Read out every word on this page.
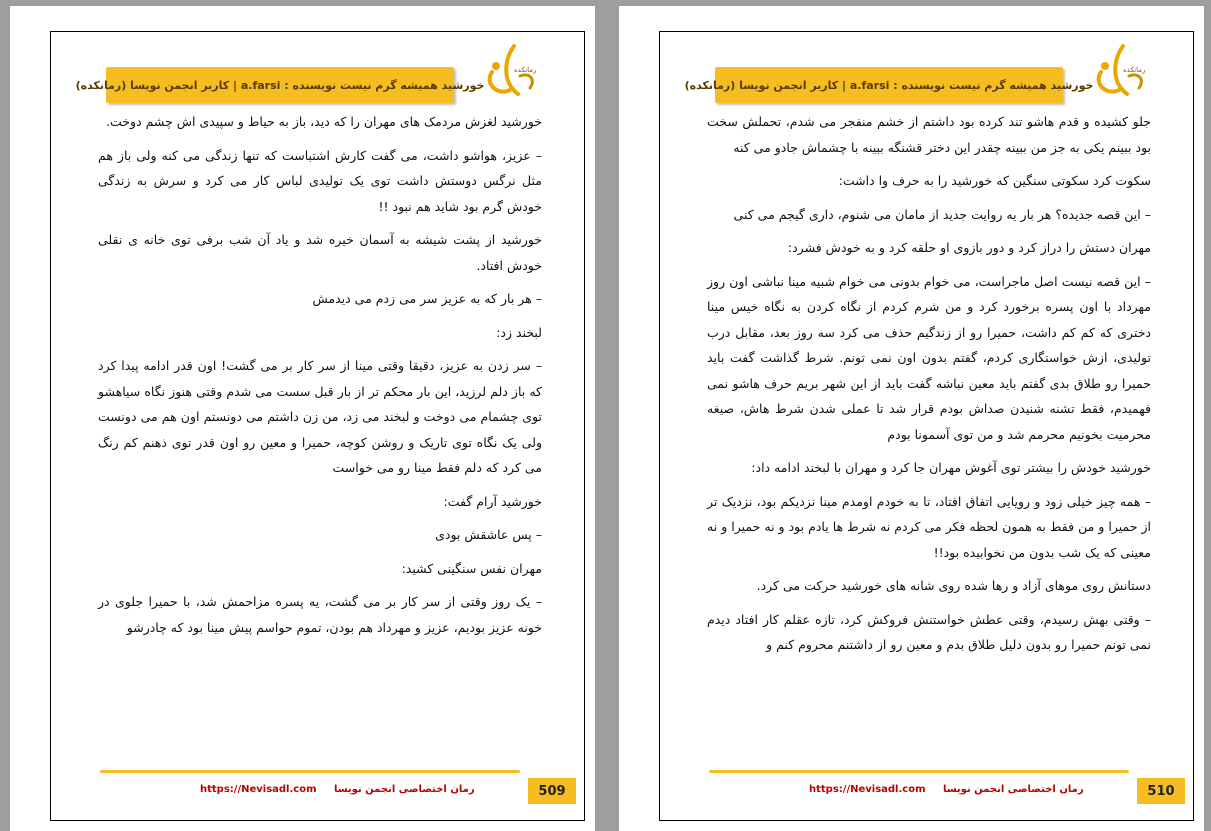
رمانکده
خورشید همیشه گرم نیست نویسنده : a.farsi | کاربر انجمن نویسا (رمانکده)

خورشید لغزش مردمک های مهران را که دید، باز به حیاط و سپیدی اش چشم دوخت.

– عزیز، هواشو داشت، می گفت کارش اشتباست که تنها زندگی می کنه ولی باز هم مثل نرگس دوستش داشت توی یک تولیدی لباس کار می کرد و سرش به زندگی خودش گرم بود شاید هم نبود !!

خورشید از پشت شیشه به آسمان خیره شد و یاد آن شب برفی توی خانه ی نقلی خودش افتاد.

– هر بار که به عزیز سر می زدم می دیدمش

لبخند زد:

– سر زدن به عزیز، دقیقا وقتی مینا از سر کار بر می گشت! اون قدر ادامه پیدا کرد که باز دلم لرزید، این بار محکم تر از بار قبل سست می شدم وقتی هنوز نگاه سیاهشو توی چشمام می دوخت و لبخند می زد، من زن داشتم می دونستم اون هم می دونست ولی یک نگاه توی تاریک و روشن کوچه، حمیرا و معین رو اون قدر توی ذهنم کم رنگ می کرد که دلم فقط مینا رو می خواست

خورشید آرام گفت:

– پس عاشقش بودی

مهران نفس سنگینی کشید:

– یک روز وقتی از سر کار بر می گشت، یه پسره مزاحمش شد، با حمیرا جلوی در خونه عزیز بودیم، عزیز و مهرداد هم بودن، تموم حواسم پیش مینا بود که چادرشو

رمان اختصاصی انجمن نویسا https://Nevisadl.com	509
رمانکده
خورشید همیشه گرم نیست نویسنده : a.farsi | کاربر انجمن نویسا (رمانکده)

جلو کشیده و قدم هاشو تند کرده بود داشتم از خشم منفجر می شدم، تحملش سخت بود ببینم یکی به جز من ببینه چقدر این دختر قشنگه ببینه با چشماش جادو می کنه

سکوت کرد سکوتی سنگین که خورشید را به حرف وا داشت:

– این قصه جدیده؟ هر بار یه روایت جدید از مامان می شنوم، داری گیجم می کنی

مهران دستش را دراز کرد و دور بازوی او حلقه کرد و به خودش فشرد:

– این قصه نیست اصل ماجراست، می خوام بدونی می خوام شبیه مینا نباشی اون روز مهرداد با اون پسره برخورد کرد و من شرم کردم از نگاه کردن به نگاه خیس مینا دختری که کم کم داشت، حمیرا رو از زندگیم حذف می کرد سه روز بعد، مقابل درب تولیدی، ازش خواستگاری کردم، گفتم بدون اون نمی تونم. شرط گذاشت گفت باید حمیرا رو طلاق بدی گفتم باید معین نباشه گفت باید از این شهر بریم حرف هاشو نمی فهمیدم، فقط تشنه شنیدن صداش بودم قرار شد تا عملی شدن شرط هاش، صیغه محرمیت بخونیم محرمم شد و من توی آسمونا بودم

خورشید خودش را بیشتر توی آغوش مهران جا کرد و مهران با لبخند ادامه داد:

– همه چیز خیلی زود و رویایی اتفاق افتاد، تا به خودم اومدم مینا نزدیکم بود، نزدیک تر از حمیرا و من فقط به همون لحظه فکر می کردم نه شرط ها یادم بود و نه حمیرا و نه معینی که یک شب بدون من نخوابیده بود!!

دستانش روی موهای آزاد و رها شده روی شانه های خورشید حرکت می کرد.

– وقتی بهش رسیدم، وقتی عطش خواستنش فروکش کرد، تازه عقلم کار افتاد دیدم نمی تونم حمیرا رو بدون دلیل طلاق بدم و معین رو از داشتنم محروم کنم و

رمان اختصاصی انجمن نویسا https://Nevisadl.com	510
